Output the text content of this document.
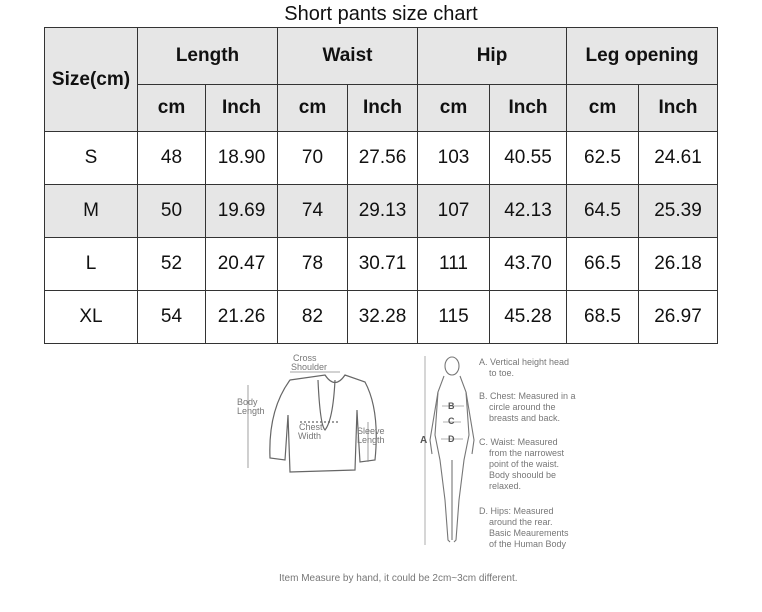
Short pants size chart
Size(cm)	Length		Waist		Hip		Leg opening	
	cm	Inch	cm	Inch	cm	Inch	cm	Inch
S	48	18.90	70	27.56	103	40.55	62.5	24.61
M	50	19.69	74	29.13	107	42.13	64.5	25.39
L	52	20.47	78	30.71	111	43.70	66.5	26.18
XL	54	21.26	82	32.28	115	45.28	68.5	26.97
Cross
Shoulder
Body
Length
Chest
Width	Sleeve
Length	A
B
C
D
A. Vertical height head
to toe.
B. Chest: Measured in a
circle around the
breasts and back.
C. Waist: Measured
from the narrowest
point of the waist.
Body shoould be
relaxed.
D. Hips: Measured
around the rear.
Basic Meaurements
of the Human Body
Item Measure by hand, it could be 2cm~3cm different.
